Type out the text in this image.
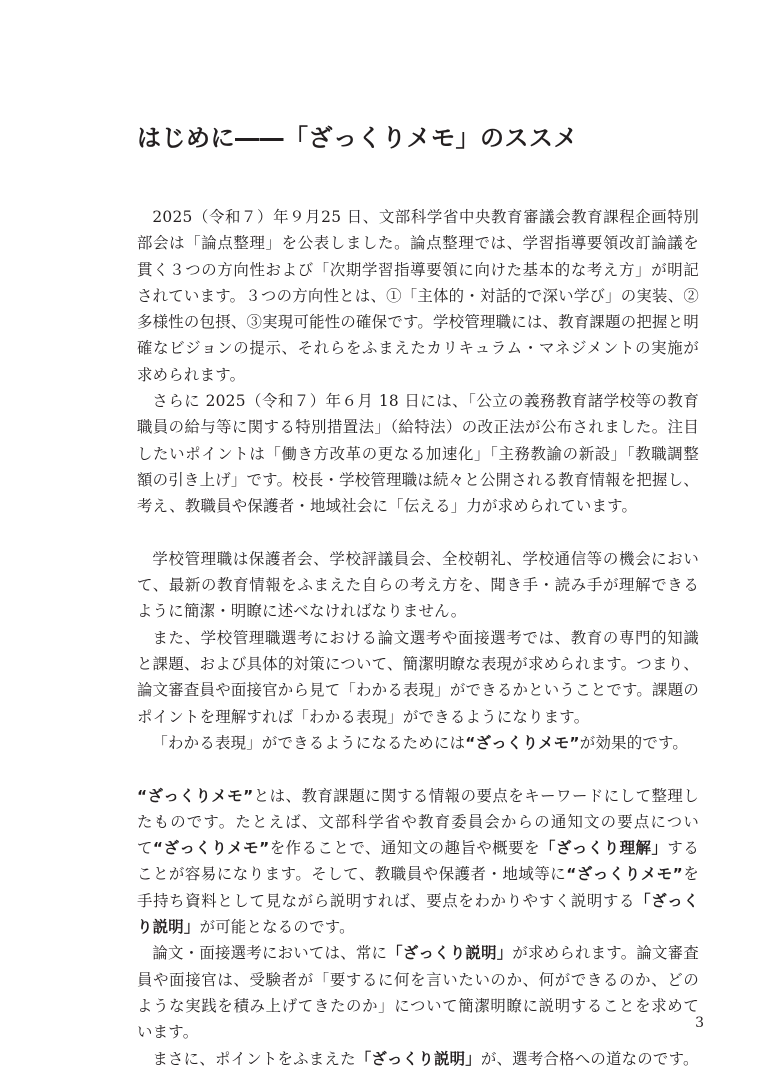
はじめに――「ざっくりメモ」のススメ

2025（令和７）年９月25 日、文部科学省中央教育審議会教育課程企画特別部会は「論点整理」を公表しました。論点整理では、学習指導要領改訂論議を貫く３つの方向性および「次期学習指導要領に向けた基本的な考え方」が明記されています。３つの方向性とは、①「主体的・対話的で深い学び」の実装、②多様性の包摂、③実現可能性の確保です。学校管理職には、教育課題の把握と明確なビジョンの提示、それらをふまえたカリキュラム・マネジメントの実施が求められます。

さらに 2025（令和７）年６月 18 日には、「公立の義務教育諸学校等の教育職員の給与等に関する特別措置法」（給特法）の改正法が公布されました。注目したいポイントは「働き方改革の更なる加速化」「主務教諭の新設」「教職調整額の引き上げ」です。校長・学校管理職は続々と公開される教育情報を把握し、考え、教職員や保護者・地域社会に「伝える」力が求められています。

学校管理職は保護者会、学校評議員会、全校朝礼、学校通信等の機会において、最新の教育情報をふまえた自らの考え方を、聞き手・読み手が理解できるように簡潔・明瞭に述べなければなりません。

また、学校管理職選考における論文選考や面接選考では、教育の専門的知識と課題、および具体的対策について、簡潔明瞭な表現が求められます。つまり、論文審査員や面接官から見て「わかる表現」ができるかということです。課題のポイントを理解すれば「わかる表現」ができるようになります。

「わかる表現」ができるようになるためには“ざっくりメモ”が効果的です。

“ざっくりメモ”とは、教育課題に関する情報の要点をキーワードにして整理したものです。たとえば、文部科学省や教育委員会からの通知文の要点について“ざっくりメモ”を作ることで、通知文の趣旨や概要を「ざっくり理解」することが容易になります。そして、教職員や保護者・地域等に“ざっくりメモ”を手持ち資料として見ながら説明すれば、要点をわかりやすく説明する「ざっくり説明」が可能となるのです。

論文・面接選考においては、常に「ざっくり説明」が求められます。論文審査員や面接官は、受験者が「要するに何を言いたいのか、何ができるのか、どのような実践を積み上げてきたのか」について簡潔明瞭に説明することを求めています。

まさに、ポイントをふまえた「ざっくり説明」が、選考合格への道なのです。

3
